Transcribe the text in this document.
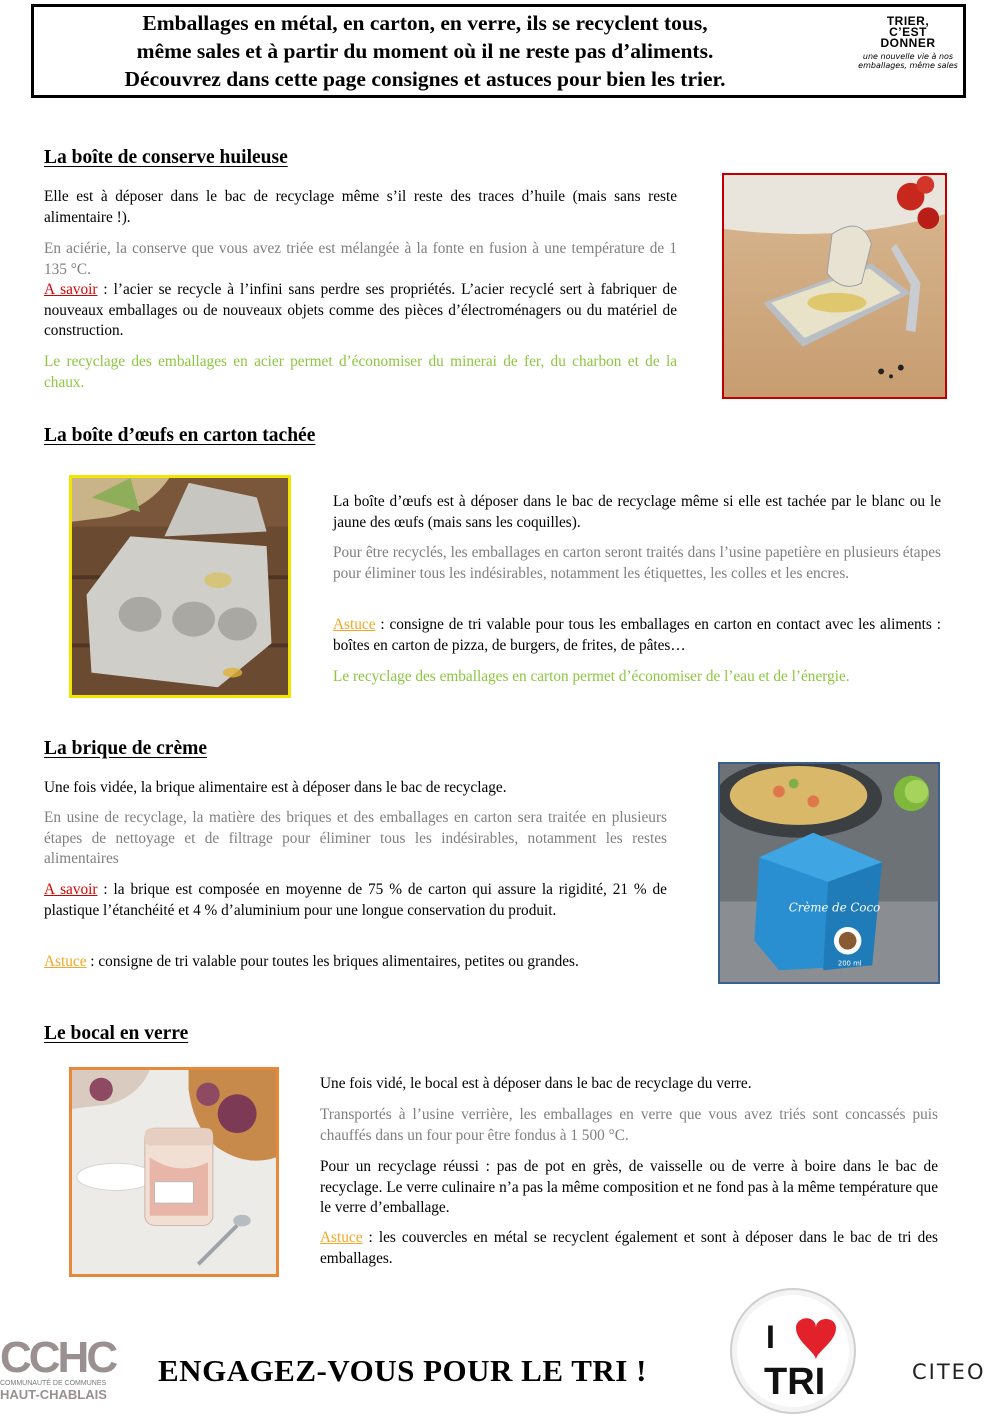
Emballages en métal, en carton, en verre, ils se recyclent tous,
même sales et à partir du moment où il ne reste pas d’aliments.
Découvrez dans cette page consignes et astuces pour bien les trier.
TRIER,
C’EST
DONNER
une nouvelle vie à nos emballages, même sales
La boîte de conserve huileuse

Elle est à déposer dans le bac de recyclage même s’il reste des traces d’huile (mais sans reste alimentaire !).

En aciérie, la conserve que vous avez triée est mélangée à la fonte en fusion à une température de 1 135 °C.

A savoir : l’acier se recycle à l’infini sans perdre ses propriétés. L’acier recyclé sert à fabriquer de nouveaux emballages ou de nouveaux objets comme des pièces d’électroménagers ou du matériel de construction.

Le recyclage des emballages en acier permet d’économiser du minerai de fer, du charbon et de la chaux.

La boîte d’œufs en carton tachée

La boîte d’œufs est à déposer dans le bac de recyclage même si elle est tachée par le blanc ou le jaune des œufs (mais sans les coquilles).

Pour être recyclés, les emballages en carton seront traités dans l’usine papetière en plusieurs étapes pour éliminer tous les indésirables, notamment les étiquettes, les colles et les encres.

Astuce : consigne de tri valable pour tous les emballages en carton en contact avec les aliments : boîtes en carton de pizza, de burgers, de frites, de pâtes…

Le recyclage des emballages en carton permet d’économiser de l’eau et de l’énergie.

La brique de crème

Une fois vidée, la brique alimentaire est à déposer dans le bac de recyclage.

En usine de recyclage, la matière des briques et des emballages en carton sera traitée en plusieurs étapes de nettoyage et de filtrage pour éliminer tous les indésirables, notamment les restes alimentaires

A savoir : la brique est composée en moyenne de 75 % de carton qui assure la rigidité, 21 % de plastique l’étanchéité et 4 % d’aluminium pour une longue conservation du produit.

Astuce : consigne de tri valable pour toutes les briques alimentaires, petites ou grandes.

Crème de Coco
200 ml
Le bocal en verre

Une fois vidé, le bocal est à déposer dans le bac de recyclage du verre.

Transportés à l’usine verrière, les emballages en verre que vous avez triés sont concassés puis chauffés dans un four pour être fondus à 1 500 °C.

Pour un recyclage réussi : pas de pot en grès, de vaisselle ou de verre à boire dans le bac de recyclage. Le verre culinaire n’a pas la même composition et ne fond pas à la même température que le verre d’emballage.

Astuce : les couvercles en métal se recyclent également et sont à déposer dans le bac de tri des emballages.

CCHC
COMMUNAUTÉ DE COMMUNES
HAUT-CHABLAIS
ENGAGEZ-VOUS POUR LE TRI !
I
TRI	CITEO
